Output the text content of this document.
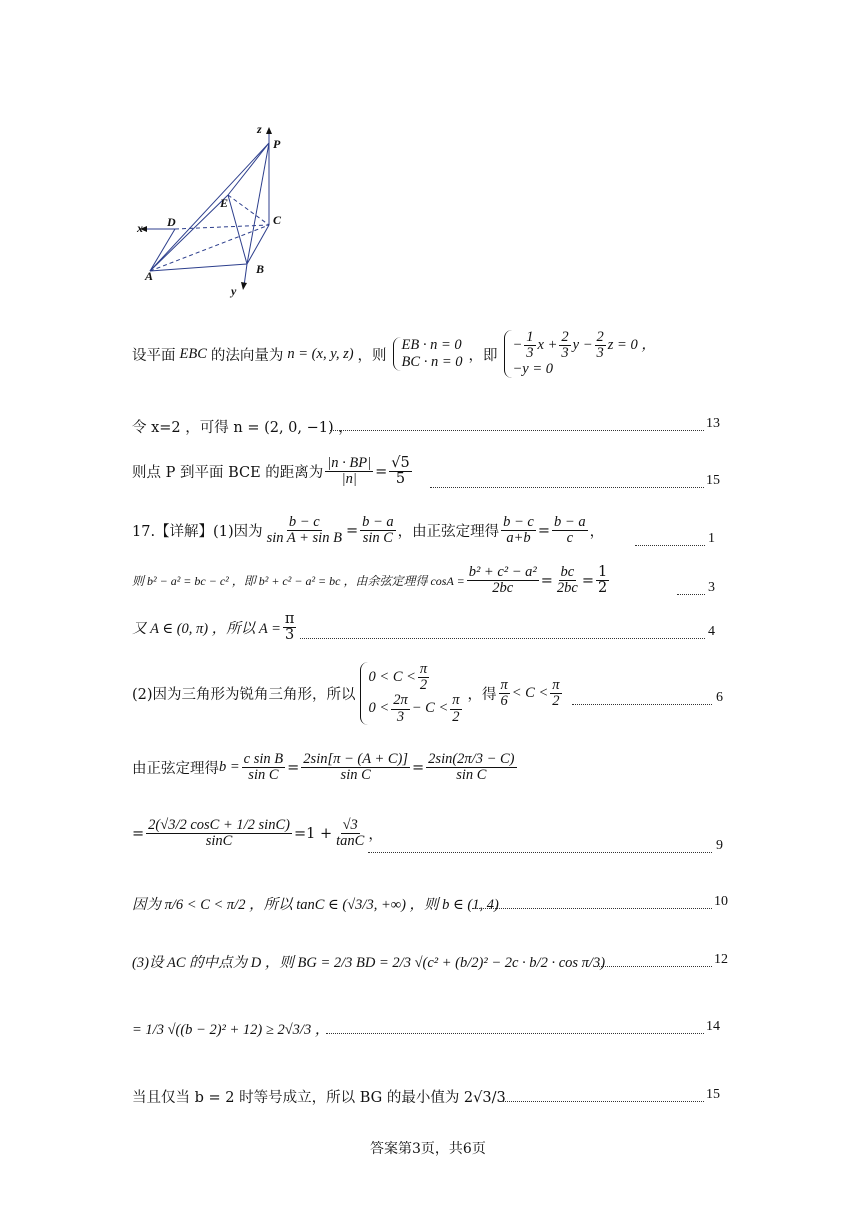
z
P
E
D	C
x
A	B
y
设平面 EBC 的法向量为 n = (x, y, z) ，则
EB · n = 0
BC · n = 0 ，即
− $\frac{1}{3}$ $x + \frac{2}{3}$ $y - \frac{2}{3}$ z = 0 ，
−y = 0
令 x=2 ，可得 n = (2, 0, −1) ，	13
则点 P 到平面 BCE 的距离为 $\frac{|n \cdot BP|}{|n|} = \frac{√5}{5}$	15
17.【详解】(1)因为 $\frac{b - c}{\text{sin A + sin B}} = \frac{b - a}{\text{sin C}}$ ，由正弦定理得 $\frac{b - c}{a+b} = \frac{b - a}{c}$ ，	1
则 b² − a² = bc − c² ，即 b² + c² − a² = bc ，由余弦定理得 $\cos A = \frac{\text{b² + c² − a²}}{2bc} = \frac{bc}{2bc} = \frac{1}{2}$	3
又 A ∈ (0, π) ，所以 $A = \frac{\pi}{3}$	4
(2)因为三角形为锐角三角形，所以
$0 < C < \frac{\pi}{2}$
$0 < \frac{2\pi}{3} - C < \frac{\pi}{2}$ ，得 $\frac{\pi}{6} < C < \frac{\pi}{2}$	6
由正弦定理得 $b = \frac{\text{c sin B}}{\text{sin C}} = \frac{2\sin[\pi - (A + C)]}{\text{sin C}} = \frac{2\sin(2\pi/3 - C)}{\text{sin C}}$
= $\frac{2(√3/2 \cos C + 1/2 \sin C)}{\sin C} =1 + \frac{√3}{\tan C}$ ，
9
因为 π/6 < C < π/2 ，所以 tanC ∈ (√3/3, +∞) ，则 b ∈ (1, 4)	10
(3)设 AC 的中点为 D ，则 BG = 2/3 BD = 2/3 √(c² + (b/2)² − 2c · b/2 · cos π/3)	12
= 1/3 √((b − 2)² + 12) ≥ 2√3/3 ，	14
当且仅当 b = 2 时等号成立，所以 BG 的最小值为 2√3/3	15
答案第3页，共6页
